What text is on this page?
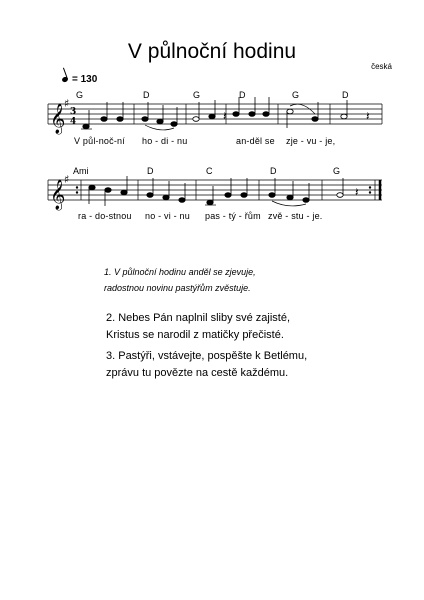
V půlnoční hodinu
česká
= 130
G	D	G	D	G	D
Ami	D	C	D	G
𝄞
𝄞
♯
♯
3
4	𝄽	𝄽
𝄽
V půl-noč-ní ho - di - nu	an-děl se zje - vu - je,
ra - do-stnou no - vi - nu pas - tý - řům zvě - stu - je.
1. V půlnoční hodinu anděl se zjevuje,
radostnou novinu pastýřům zvěstuje.
2. Nebes Pán naplnil sliby své zajisté,
Kristus se narodil z matičky přečisté.
3. Pastýři, vstávejte, pospěšte k Betlému,
zprávu tu povězte na cestě každému.
